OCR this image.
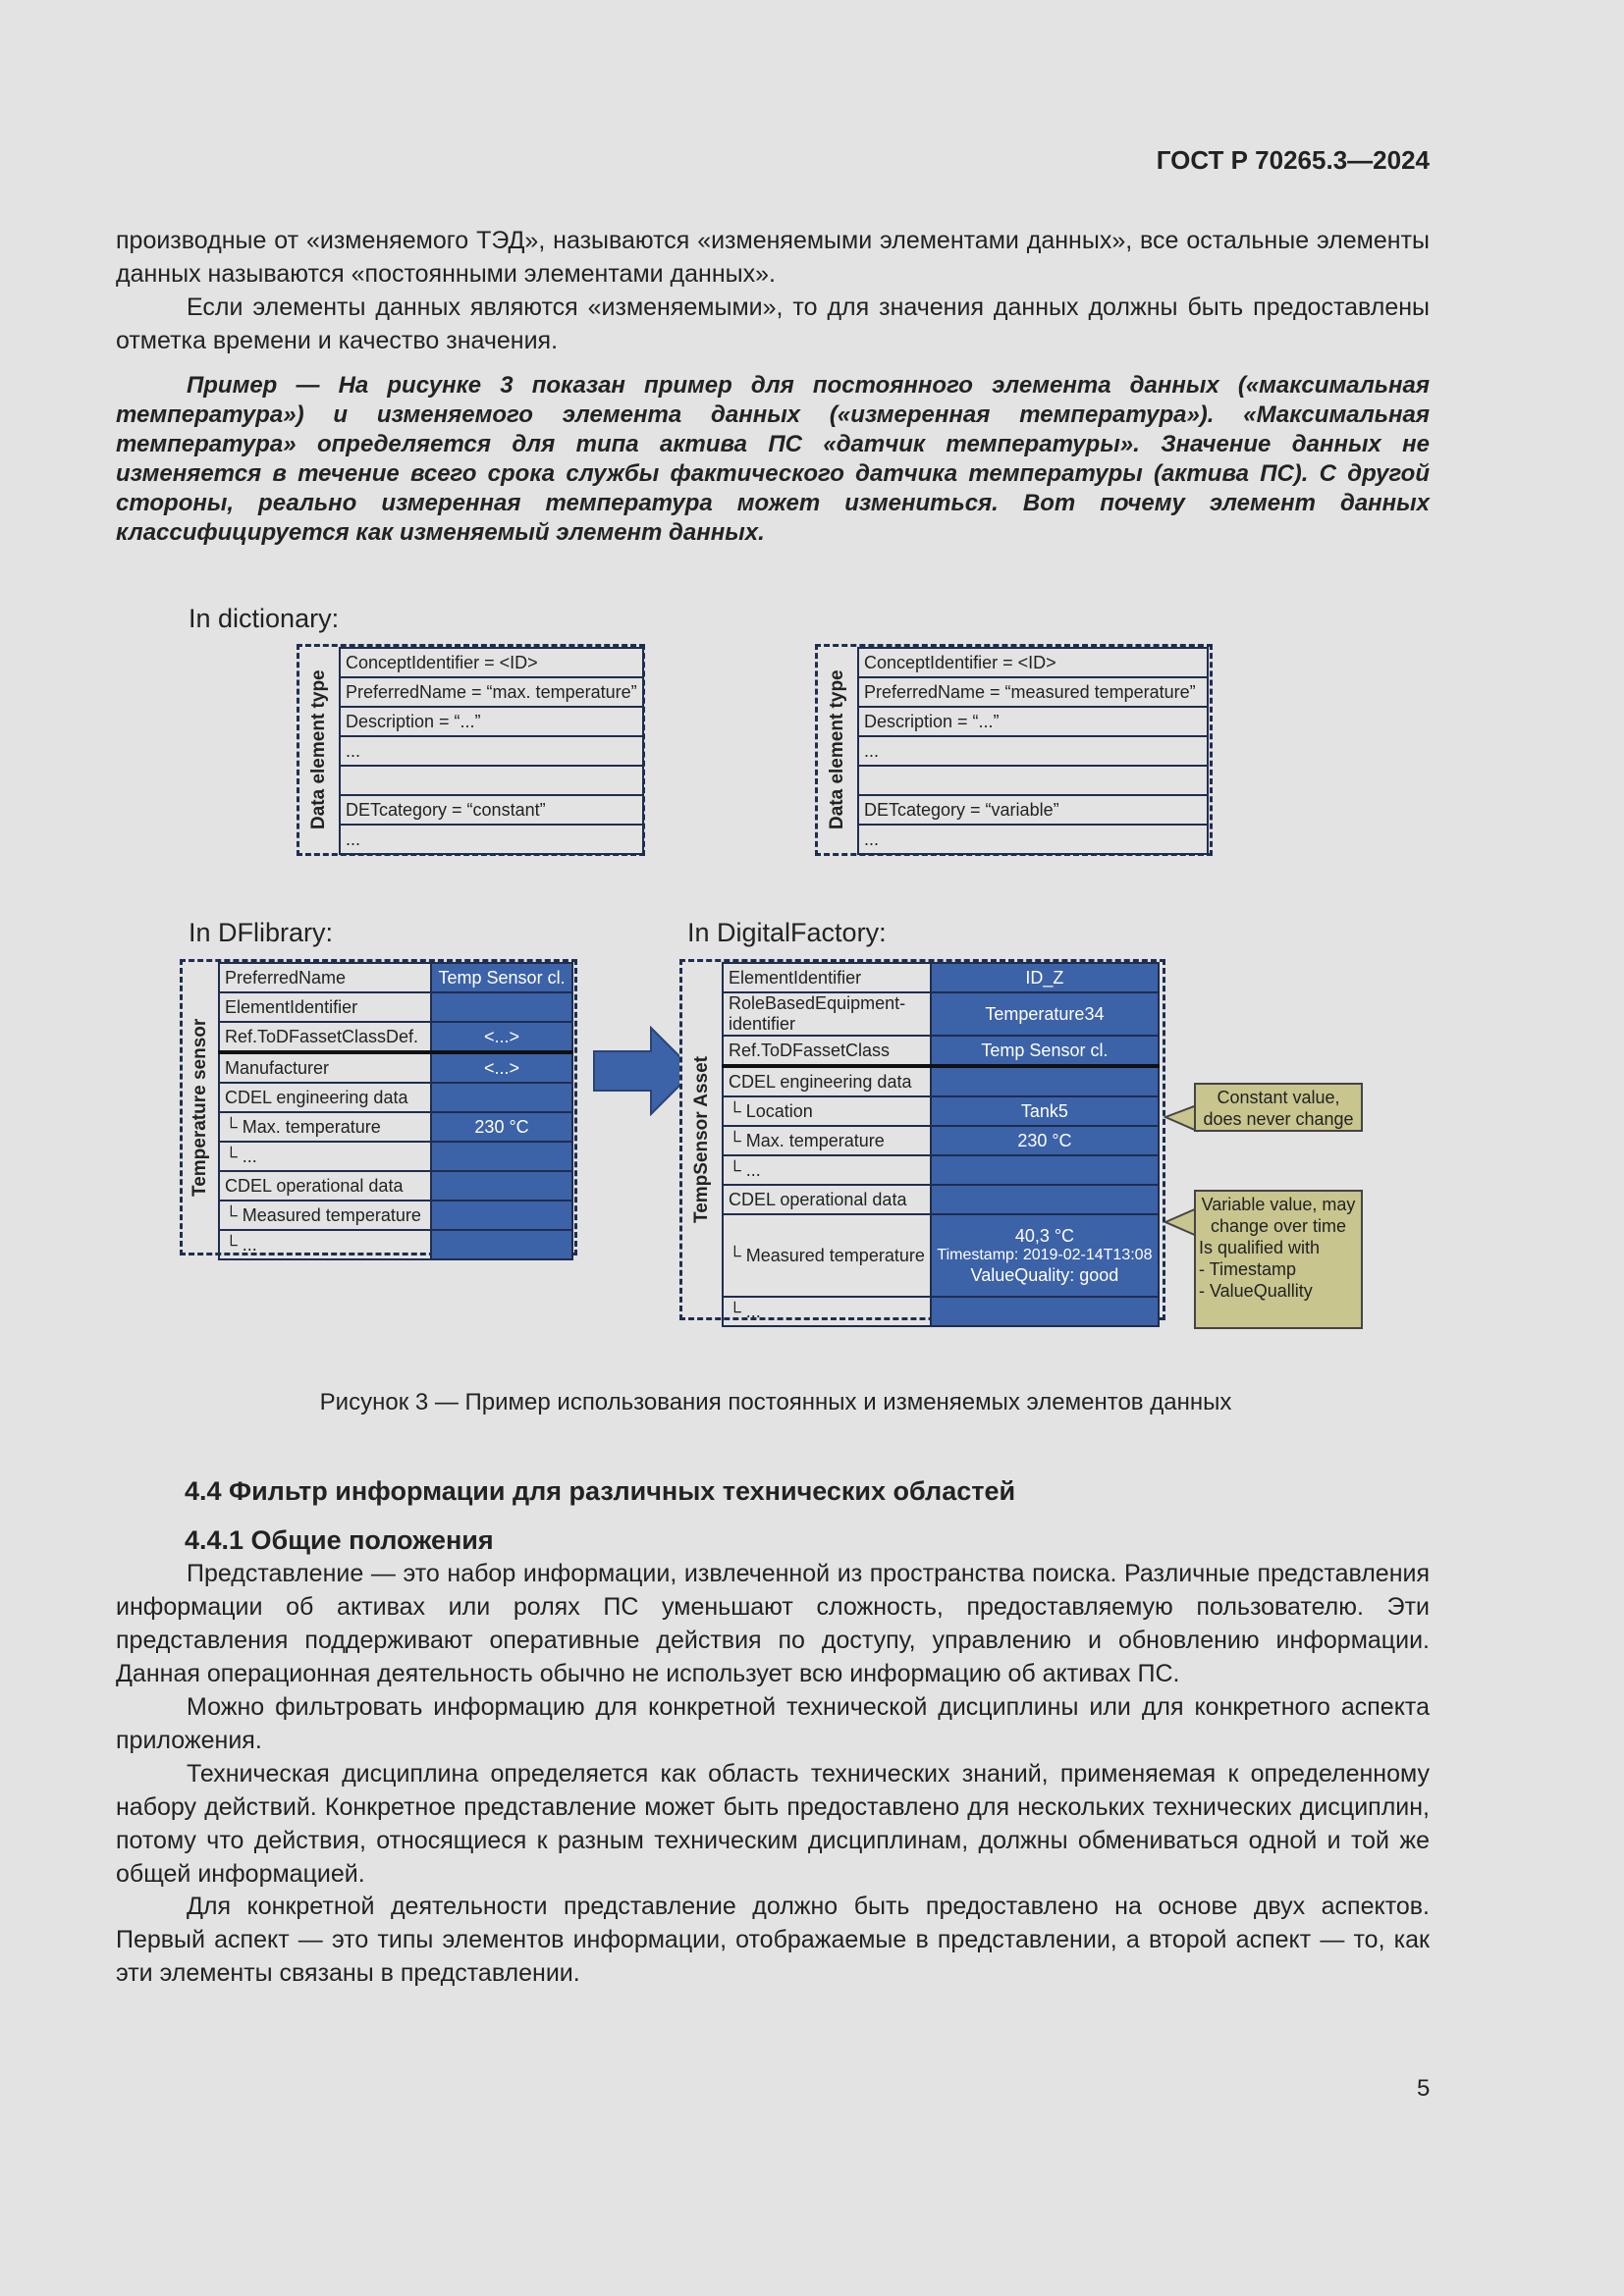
ГОСТ Р 70265.3—2024
производные от «изменяемого ТЭД», называются «изменяемыми элементами данных», все остальные элементы данных называются «постоянными элементами данных».
Если элементы данных являются «изменяемыми», то для значения данных должны быть предоставлены отметка времени и качество значения.
Пример — На рисунке 3 показан пример для постоянного элемента данных («максимальная температура») и изменяемого элемента данных («измеренная температура»). «Максимальная температура» определяется для типа актива ПС «датчик температуры». Значение данных не изменяется в течение всего срока службы фактического датчика температуры (актива ПС). С другой стороны, реально измеренная температура может измениться. Вот почему элемент данных классифицируется как изменяемый элемент данных.
In dictionary:
In DFlibrary:	In DigitalFactory:
Data element type
ConceptIdentifier = <ID>
PreferredName = “max. temperature”
Description = “...”
...

DETcategory = “constant”
...
Data element type
ConceptIdentifier = <ID>
PreferredName = “measured temperature”
Description = “...”
...

DETcategory = “variable”
...
Temperature sensor
PreferredName	Temp Sensor cl.
ElementIdentifier	
Ref.ToDFassetClassDef.	<...>
Manufacturer	<...>
CDEL engineering data	
└ Max. temperature	230 °C
└ ...	
CDEL operational data	
└ Measured temperature	
└ ...	
TempSensor Asset
ElementIdentifier	ID_Z
RoleBasedEquipment-identifier	Temperature34
Ref.ToDFassetClass	Temp Sensor cl.
CDEL engineering data	
└ Location	Tank5
└ Max. temperature	230 °C
└ ...	
CDEL operational data	
└ Measured temperature	40,3 °C
Timestamp: 2019-02-14T13:08
ValueQuality: good

└ ...	
Constant value, does never change
Variable value, may change over time
Is qualified with
- Timestamp
- ValueQuallity
Рисунок 3 — Пример использования постоянных и изменяемых элементов данных
4.4 Фильтр информации для различных технических областей
4.4.1 Общие положения
Представление — это набор информации, извлеченной из пространства поиска. Различные представления информации об активах или ролях ПС уменьшают сложность, предоставляемую пользователю. Эти представления поддерживают оперативные действия по доступу, управлению и обновлению информации. Данная операционная деятельность обычно не использует всю информацию об активах ПС.
Можно фильтровать информацию для конкретной технической дисциплины или для конкретного аспекта приложения.
Техническая дисциплина определяется как область технических знаний, применяемая к определенному набору действий. Конкретное представление может быть предоставлено для нескольких технических дисциплин, потому что действия, относящиеся к разным техническим дисциплинам, должны обмениваться одной и той же общей информацией.
Для конкретной деятельности представление должно быть предоставлено на основе двух аспектов. Первый аспект — это типы элементов информации, отображаемые в представлении, а второй аспект — то, как эти элементы связаны в представлении.
5
